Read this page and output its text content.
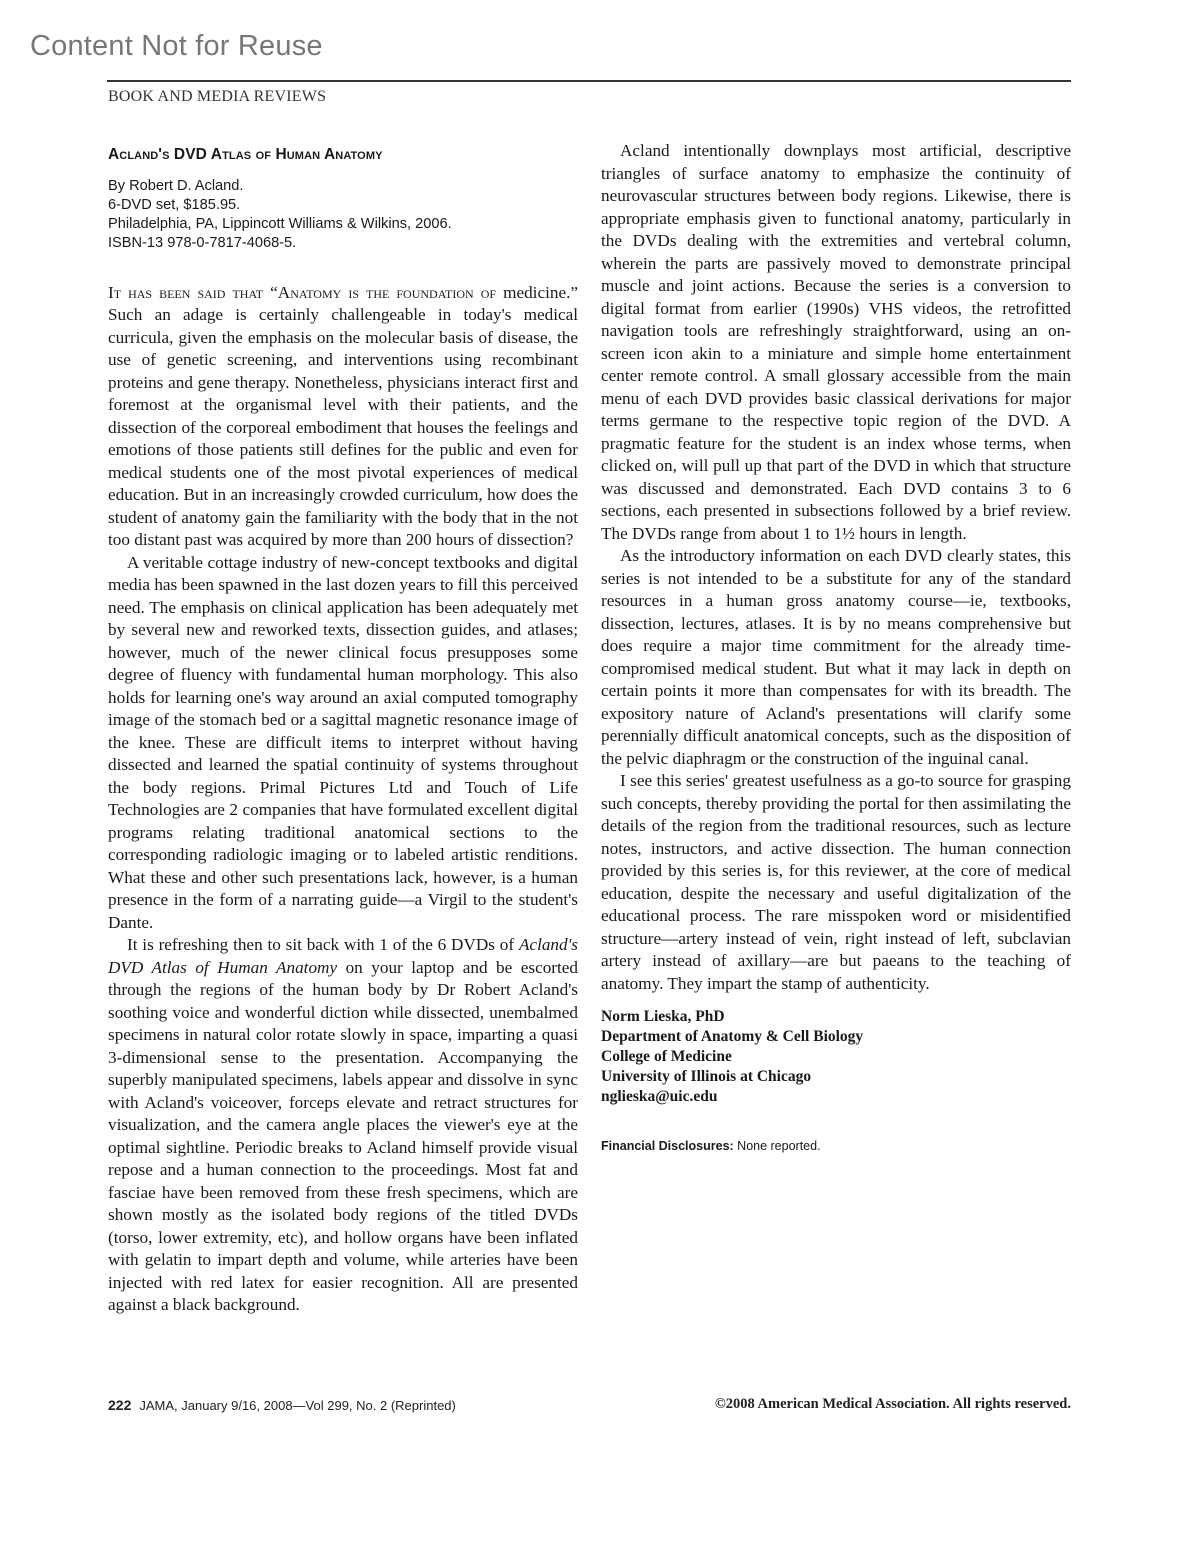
Content Not for Reuse
BOOK AND MEDIA REVIEWS
Acland's DVD Atlas of Human Anatomy
By Robert D. Acland.
6-DVD set, $185.95.
Philadelphia, PA, Lippincott Williams & Wilkins, 2006.
ISBN-13 978-0-7817-4068-5.

It has been said that “Anatomy is the foundation of medicine.” Such an adage is certainly challengeable in today's medical curricula, given the emphasis on the molecular basis of disease, the use of genetic screening, and interventions using recombinant proteins and gene therapy. Nonetheless, physicians interact first and foremost at the organismal level with their patients, and the dissection of the corporeal embodiment that houses the feelings and emotions of those patients still defines for the public and even for medical students one of the most pivotal experiences of medical education. But in an increasingly crowded curriculum, how does the student of anatomy gain the familiarity with the body that in the not too distant past was acquired by more than 200 hours of dissection?

A veritable cottage industry of new-concept textbooks and digital media has been spawned in the last dozen years to fill this perceived need. The emphasis on clinical application has been adequately met by several new and reworked texts, dissection guides, and atlases; however, much of the newer clinical focus presupposes some degree of fluency with fundamental human morphology. This also holds for learning one's way around an axial computed tomography image of the stomach bed or a sagittal magnetic resonance image of the knee. These are difficult items to interpret without having dissected and learned the spatial continuity of systems throughout the body regions. Primal Pictures Ltd and Touch of Life Technologies are 2 companies that have formulated excellent digital programs relating traditional anatomical sections to the corresponding radiologic imaging or to labeled artistic renditions. What these and other such presentations lack, however, is a human presence in the form of a narrating guide—a Virgil to the student's Dante.

It is refreshing then to sit back with 1 of the 6 DVDs of Acland's DVD Atlas of Human Anatomy on your laptop and be escorted through the regions of the human body by Dr Robert Acland's soothing voice and wonderful diction while dissected, unembalmed specimens in natural color rotate slowly in space, imparting a quasi 3-dimensional sense to the presentation. Accompanying the superbly manipulated specimens, labels appear and dissolve in sync with Acland's voiceover, forceps elevate and retract structures for visualization, and the camera angle places the viewer's eye at the optimal sightline. Periodic breaks to Acland himself provide visual repose and a human connection to the proceedings. Most fat and fasciae have been removed from these fresh specimens, which are shown mostly as the isolated body regions of the titled DVDs (torso, lower extremity, etc), and hollow organs have been inflated with gelatin to impart depth and volume, while arteries have been injected with red latex for easier recognition. All are presented against a black background.

Acland intentionally downplays most artificial, descriptive triangles of surface anatomy to emphasize the continuity of neurovascular structures between body regions. Likewise, there is appropriate emphasis given to functional anatomy, particularly in the DVDs dealing with the extremities and vertebral column, wherein the parts are passively moved to demonstrate principal muscle and joint actions. Because the series is a conversion to digital format from earlier (1990s) VHS videos, the retrofitted navigation tools are refreshingly straightforward, using an on-screen icon akin to a miniature and simple home entertainment center remote control. A small glossary accessible from the main menu of each DVD provides basic classical derivations for major terms germane to the respective topic region of the DVD. A pragmatic feature for the student is an index whose terms, when clicked on, will pull up that part of the DVD in which that structure was discussed and demonstrated. Each DVD contains 3 to 6 sections, each presented in subsections followed by a brief review. The DVDs range from about 1 to 1½ hours in length.

As the introductory information on each DVD clearly states, this series is not intended to be a substitute for any of the standard resources in a human gross anatomy course—ie, textbooks, dissection, lectures, atlases. It is by no means comprehensive but does require a major time commitment for the already time-compromised medical student. But what it may lack in depth on certain points it more than compensates for with its breadth. The expository nature of Acland's presentations will clarify some perennially difficult anatomical concepts, such as the disposition of the pelvic diaphragm or the construction of the inguinal canal.

I see this series' greatest usefulness as a go-to source for grasping such concepts, thereby providing the portal for then assimilating the details of the region from the traditional resources, such as lecture notes, instructors, and active dissection. The human connection provided by this series is, for this reviewer, at the core of medical education, despite the necessary and useful digitalization of the educational process. The rare misspoken word or misidentified structure—artery instead of vein, right instead of left, subclavian artery instead of axillary—are but paeans to the teaching of anatomy. They impart the stamp of authenticity.

Norm Lieska, PhD
Department of Anatomy & Cell Biology
College of Medicine
University of Illinois at Chicago
nglieska@uic.edu
Financial Disclosures: None reported.
222 JAMA, January 9/16, 2008—Vol 299, No. 2 (Reprinted)	©2008 American Medical Association. All rights reserved.
